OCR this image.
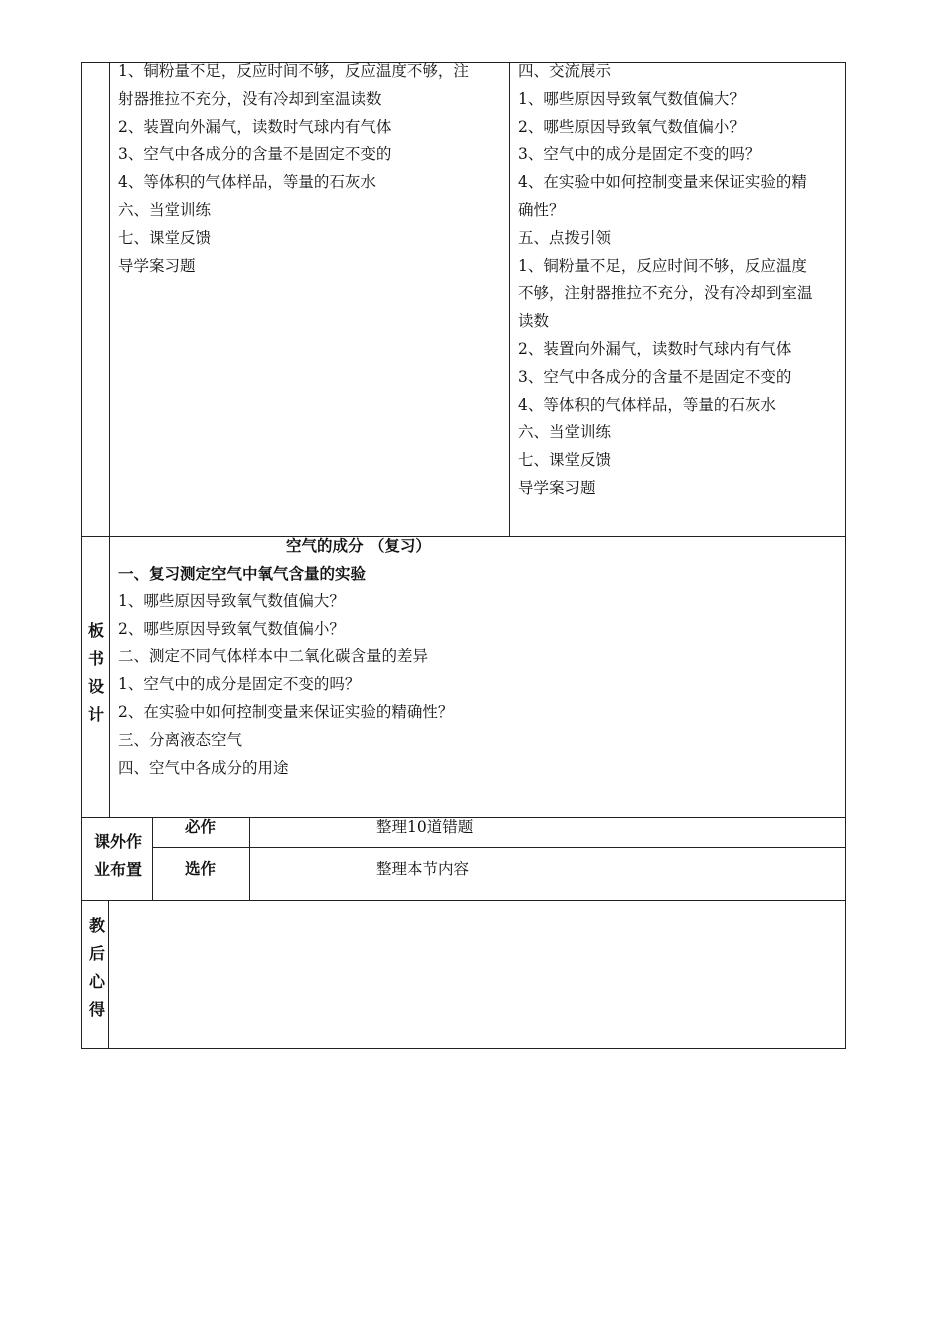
1、铜粉量不足，反应时间不够，反应温度不够，注
射器推拉不充分，没有冷却到室温读数
2、装置向外漏气，读数时气球内有气体
3、空气中各成分的含量不是固定不变的
4、等体积的气体样品，等量的石灰水
六、当堂训练
七、课堂反馈
导学案习题
四、交流展示
1、哪些原因导致氧气数值偏大？
2、哪些原因导致氧气数值偏小？
3、空气中的成分是固定不变的吗？
4、在实验中如何控制变量来保证实验的精
确性？
五、点拨引领
1、铜粉量不足，反应时间不够，反应温度
不够，注射器推拉不充分，没有冷却到室温
读数
2、装置向外漏气，读数时气球内有气体
3、空气中各成分的含量不是固定不变的
4、等体积的气体样品，等量的石灰水
六、当堂训练
七、课堂反馈
导学案习题
板书设计
空气的成分 （复习）
一、复习测定空气中氧气含量的实验
1、哪些原因导致氧气数值偏大？
2、哪些原因导致氧气数值偏小？
二、测定不同气体样本中二氧化碳含量的差异
1、空气中的成分是固定不变的吗？
2、在实验中如何控制变量来保证实验的精确性？
三、分离液态空气
四、空气中各成分的用途
课外作业布置
必作	整理10道错题
选作	整理本节内容
教后心得
